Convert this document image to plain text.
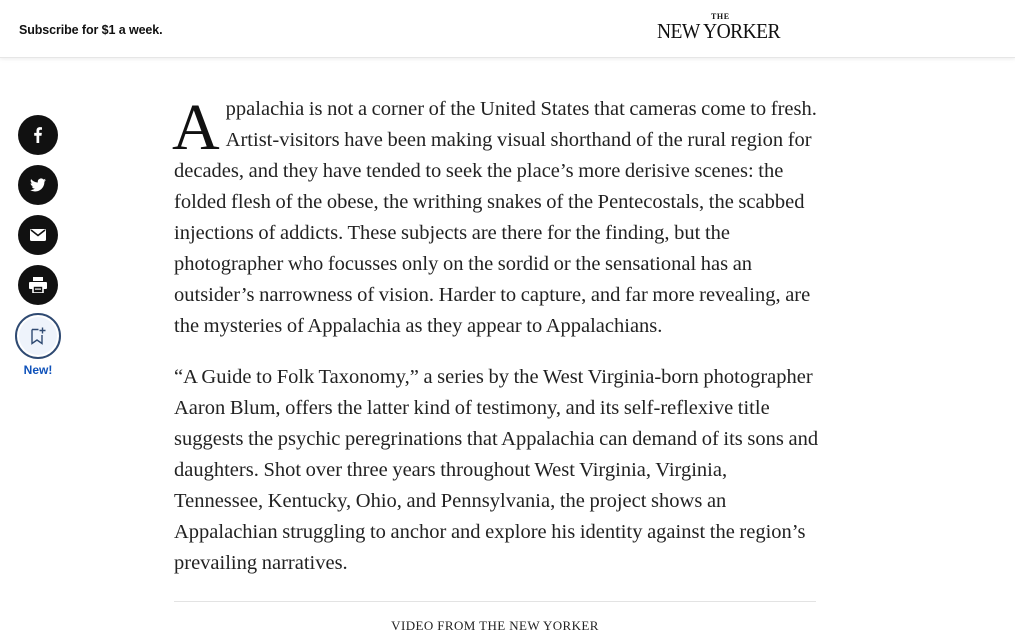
Subscribe for $1 a week.
THE
NEW YORKER
New!

Appalachia is not a corner of the United States that cameras come to fresh. Artist-visitors have been making visual shorthand of the rural region for decades, and they have tended to seek the place’s more derisive scenes: the folded flesh of the obese, the writhing snakes of the Pentecostals, the scabbed injections of addicts. These subjects are there for the finding, but the photographer who focusses only on the sordid or the sensational has an outsider’s narrowness of vision. Harder to capture, and far more revealing, are the mysteries of Appalachia as they appear to Appalachians.

“A Guide to Folk Taxonomy,” a series by the West Virginia-born photographer Aaron Blum, offers the latter kind of testimony, and its self-reflexive title suggests the psychic peregrinations that Appalachia can demand of its sons and daughters. Shot over three years throughout West Virginia, Virginia, Tennessee, Kentucky, Ohio, and Pennsylvania, the project shows an Appalachian struggling to anchor and explore his identity against the region’s prevailing narratives.

VIDEO FROM THE NEW YORKER
